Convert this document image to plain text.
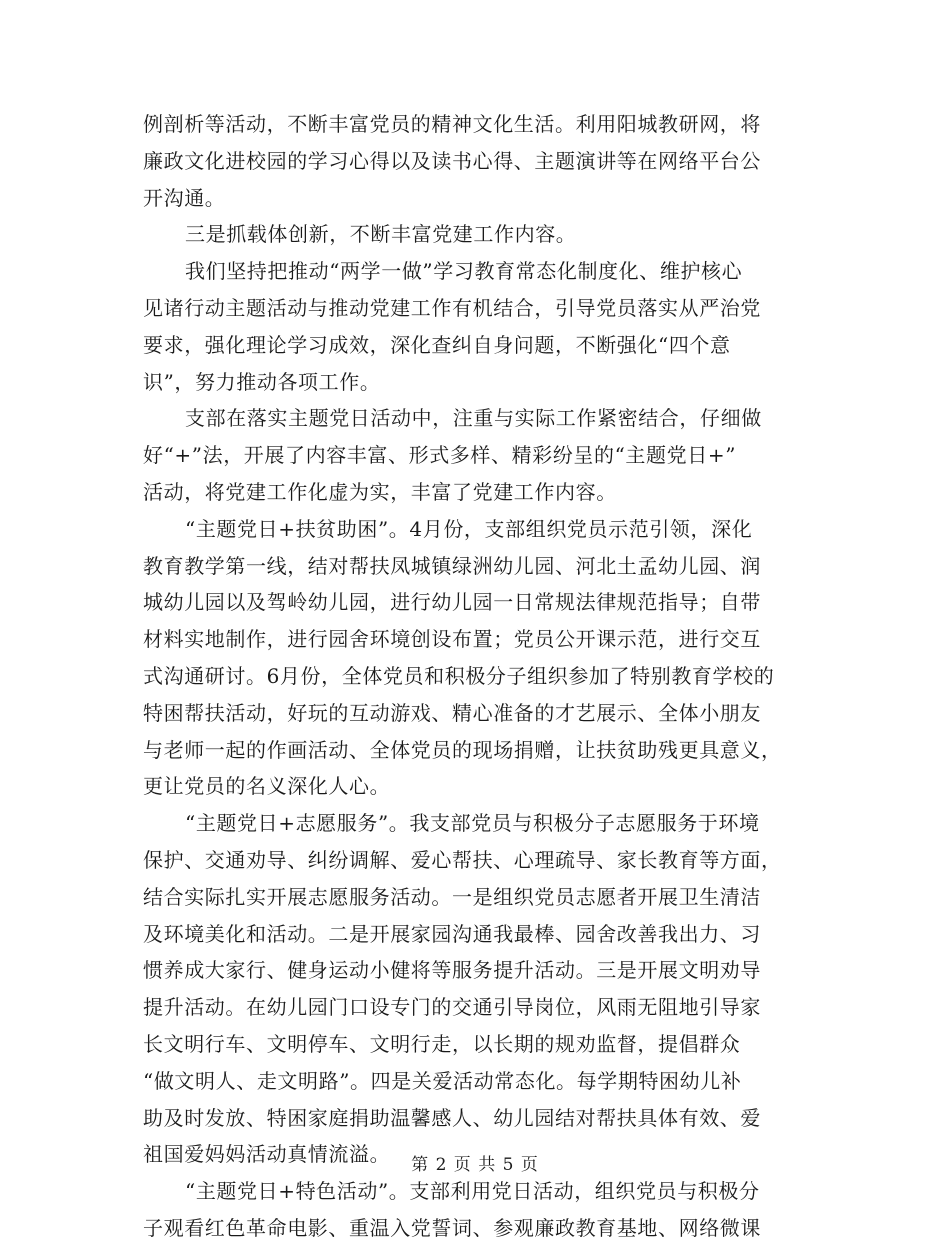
例剖析等活动，不断丰富党员的精神文化生活。利用阳城教研网，将
廉政文化进校园的学习心得以及读书心得、主题演讲等在网络平台公
开沟通。
三是抓载体创新，不断丰富党建工作内容。
我们坚持把推动“两学一做”学习教育常态化制度化、维护核心
见诸行动主题活动与推动党建工作有机结合，引导党员落实从严治党
要求，强化理论学习成效，深化查纠自身问题，不断强化“四个意
识”，努力推动各项工作。
支部在落实主题党日活动中，注重与实际工作紧密结合，仔细做
好“+”法，开展了内容丰富、形式多样、精彩纷呈的“主题党日+”
活动，将党建工作化虚为实，丰富了党建工作内容。
“主题党日+扶贫助困”。4月份，支部组织党员示范引领，深化
教育教学第一线，结对帮扶凤城镇绿洲幼儿园、河北土孟幼儿园、润
城幼儿园以及驾岭幼儿园，进行幼儿园一日常规法律规范指导；自带
材料实地制作，进行园舍环境创设布置；党员公开课示范，进行交互
式沟通研讨。6月份，全体党员和积极分子组织参加了特别教育学校的
特困帮扶活动，好玩的互动游戏、精心准备的才艺展示、全体小朋友
与老师一起的作画活动、全体党员的现场捐赠，让扶贫助残更具意义，
更让党员的名义深化人心。
“主题党日+志愿服务”。我支部党员与积极分子志愿服务于环境
保护、交通劝导、纠纷调解、爱心帮扶、心理疏导、家长教育等方面，
结合实际扎实开展志愿服务活动。一是组织党员志愿者开展卫生清洁
及环境美化和活动。二是开展家园沟通我最棒、园舍改善我出力、习
惯养成大家行、健身运动小健将等服务提升活动。三是开展文明劝导
提升活动。在幼儿园门口设专门的交通引导岗位，风雨无阻地引导家
长文明行车、文明停车、文明行走，以长期的规劝监督，提倡群众
“做文明人、走文明路”。四是关爱活动常态化。每学期特困幼儿补
助及时发放、特困家庭捐助温馨感人、幼儿园结对帮扶具体有效、爱
祖国爱妈妈活动真情流溢。
“主题党日+特色活动”。支部利用党日活动，组织党员与积极分
子观看红色革命电影、重温入党誓词、参观廉政教育基地、网络微课
第 2 页 共 5 页
